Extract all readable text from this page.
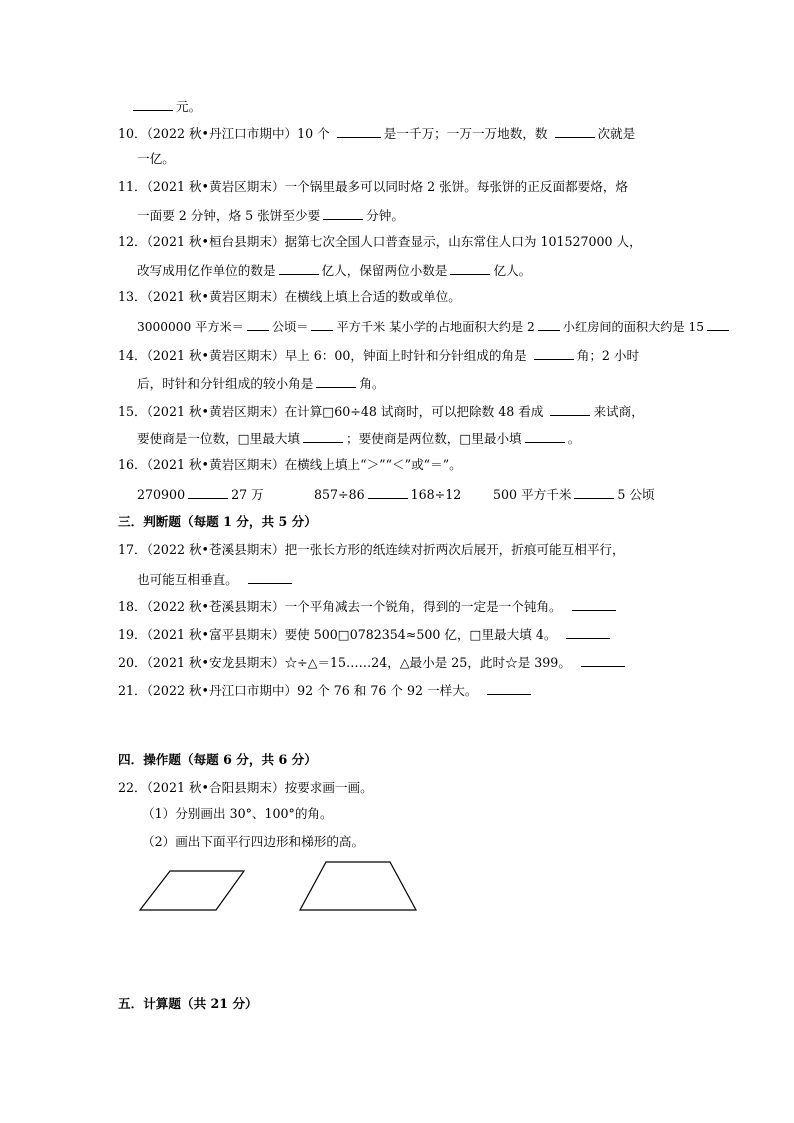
元。
10．（2022 秋•丹江口市期中）10 个	是一千万；一万一万地数，数	次就是
一亿。
11．（2021 秋•黄岩区期末）一个锅里最多可以同时烙 2 张饼。每张饼的正反面都要烙，烙
一面要 2 分钟，烙 5 张饼至少要	分钟。
12．（2021 秋•桓台县期末）据第七次全国人口普查显示，山东常住人口为 101527000 人，
改写成用亿作单位的数是	亿人，保留两位小数是	亿人。
13．（2021 秋•黄岩区期末）在横线上填上合适的数或单位。
3000000 平方米＝ 公顷＝ 平方千米 某小学的占地面积大约是 2 小红房间的面积大约是 15
14．（2021 秋•黄岩区期末）早上 6：00，钟面上时针和分针组成的角是	角；2 小时
后，时针和分针组成的较小角是	角。
15．（2021 秋•黄岩区期末）在计算□60÷48 试商时，可以把除数 48 看成	来试商，
要使商是一位数，□里最大填	；要使商是两位数，□里最小填	。
16．（2021 秋•黄岩区期末）在横线上填上“＞”“＜”或“＝”。
270900	27 万	857÷86	168÷12	500 平方千米	5 公顷
三．判断题（每题 1 分，共 5 分）
17．（2022 秋•苍溪县期末）把一张长方形的纸连续对折两次后展开，折痕可能互相平行，
也可能互相垂直。
18．（2022 秋•苍溪县期末）一个平角减去一个锐角，得到的一定是一个钝角。
19．（2021 秋•富平县期末）要使 500□0782354≈500 亿，□里最大填 4。
20．（2021 秋•安龙县期末）☆÷△＝15……24，△最小是 25，此时☆是 399。
21．（2022 秋•丹江口市期中）92 个 76 和 76 个 92 一样大。
四．操作题（每题 6 分，共 6 分）
22．（2021 秋•合阳县期末）按要求画一画。
（1）分别画出 30°、100°的角。
（2）画出下面平行四边形和梯形的高。
五．计算题（共 21 分）
